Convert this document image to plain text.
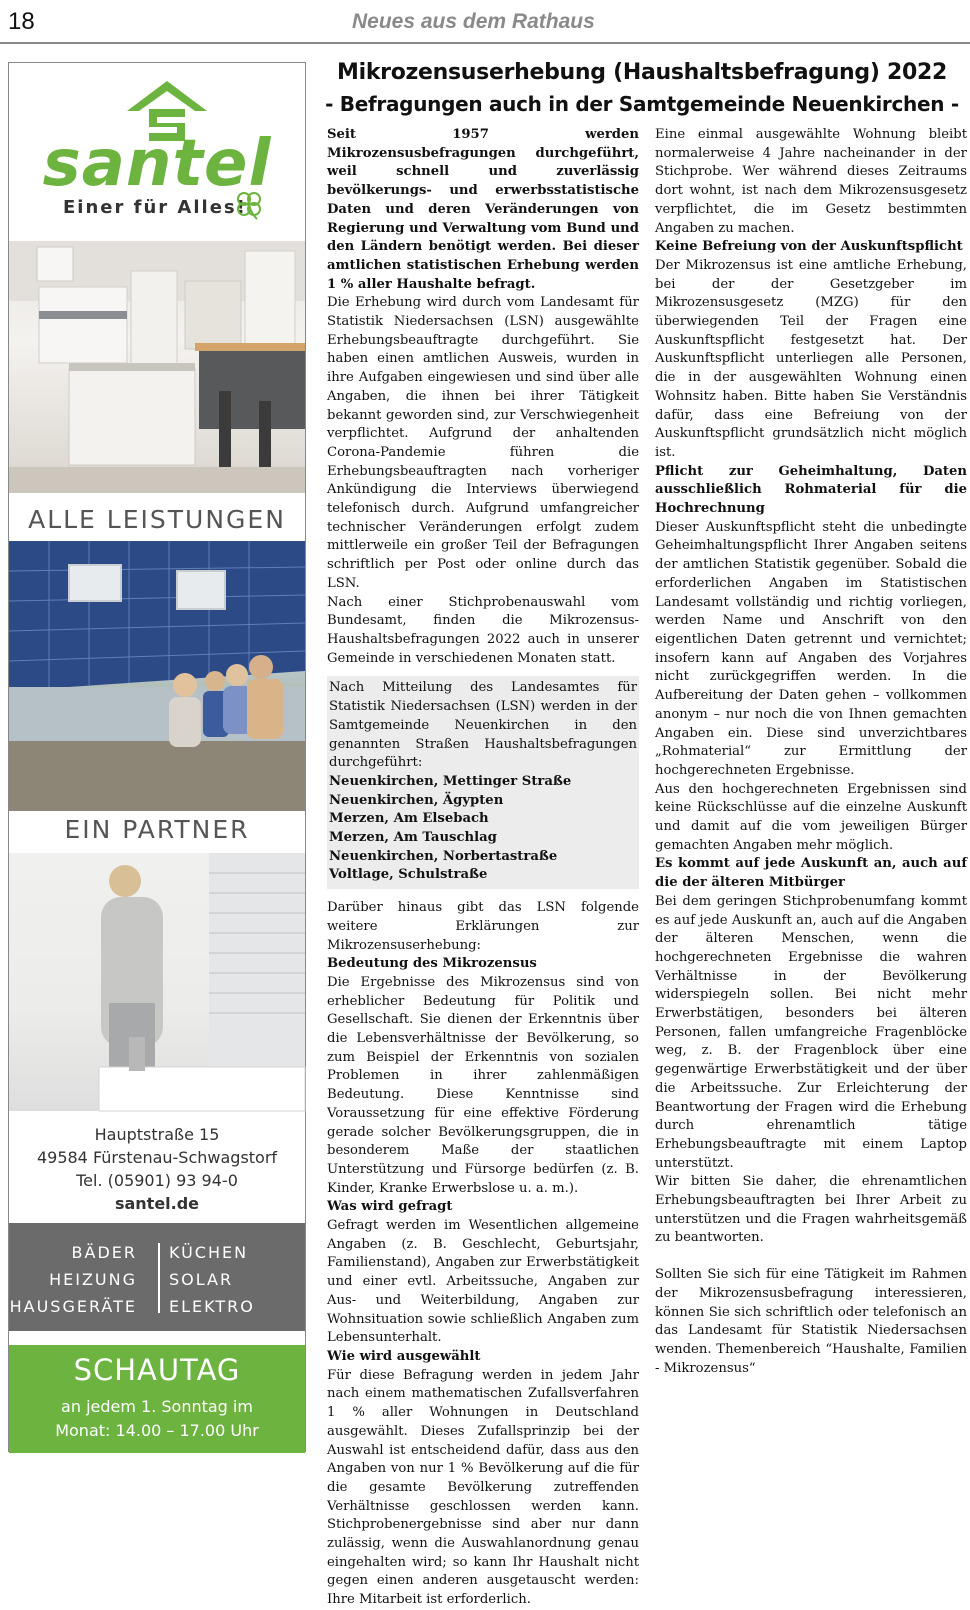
18	Neues aus dem Rathaus
santel
Einer für Alles!
ALLE LEISTUNGEN
EIN PARTNER
Hauptstraße 15
49584 Fürstenau-Schwagstorf
Tel. (05901) 93 94-0
santel.de
BÄDER
HEIZUNG
HAUSGERÄTE
KÜCHEN
SOLAR
ELEKTRO
SCHAUTAG
an jedem 1. Sonntag im
Monat: 14.00 – 17.00 Uhr
Mikrozensuserhebung (Haushaltsbefragung) 2022
- Befragungen auch in der Samtgemeinde Neuenkirchen -

Seit 1957 werden Mikrozensusbefragungen durchgeführt, weil schnell und zuverlässig bevölkerungs- und erwerbsstatistische Daten und deren Veränderungen von Regierung und Verwaltung vom Bund und den Ländern benötigt werden. Bei dieser amtlichen statistischen Erhebung werden 1 % aller Haushalte befragt.

Die Erhebung wird durch vom Landesamt für Statistik Niedersachsen (LSN) ausgewählte Erhebungsbeauftragte durchgeführt. Sie haben einen amtlichen Ausweis, wurden in ihre Aufgaben eingewiesen und sind über alle Angaben, die ihnen bei ihrer Tätigkeit bekannt geworden sind, zur Verschwiegenheit verpflichtet. Aufgrund der anhaltenden Corona-Pandemie führen die Erhebungsbeauftragten nach vorheriger Ankündigung die Interviews überwiegend telefonisch durch. Aufgrund umfangreicher technischer Veränderungen erfolgt zudem mittlerweile ein großer Teil der Befragungen schriftlich per Post oder online durch das LSN.

Nach einer Stichprobenauswahl vom Bundesamt, finden die Mikrozensus-Haushaltsbefragungen 2022 auch in unserer Gemeinde in verschiedenen Monaten statt.

Nach Mitteilung des Landesamtes für Statistik Niedersachsen (LSN) werden in der Samtgemeinde Neuenkirchen in den genannten Straßen Haushaltsbefragungen durchgeführt:

Neuenkirchen, Mettinger Straße
Neuenkirchen, Ägypten
Merzen, Am Elsebach
Merzen, Am Tauschlag
Neuenkirchen, Norbertastraße
Voltlage, Schulstraße

Darüber hinaus gibt das LSN folgende weitere Erklärungen zur Mikrozensuserhebung:

Bedeutung des Mikrozensus

Die Ergebnisse des Mikrozensus sind von erheblicher Bedeutung für Politik und Gesellschaft. Sie dienen der Erkenntnis über die Lebensverhältnisse der Bevölkerung, so zum Beispiel der Erkenntnis von sozialen Problemen in ihrer zahlenmäßigen Bedeutung. Diese Kenntnisse sind Voraussetzung für eine effektive Förderung gerade solcher Bevölkerungsgruppen, die in besonderem Maße der staatlichen Unterstützung und Fürsorge bedürfen (z. B. Kinder, Kranke Erwerbslose u. a. m.).

Was wird gefragt

Gefragt werden im Wesentlichen allgemeine Angaben (z. B. Geschlecht, Geburtsjahr, Familienstand), Angaben zur Erwerbstätigkeit und einer evtl. Arbeitssuche, Angaben zur Aus- und Weiterbildung, Angaben zur Wohnsituation sowie schließlich Angaben zum Lebensunterhalt.

Wie wird ausgewählt

Für diese Befragung werden in jedem Jahr nach einem mathematischen Zufallsverfahren 1 % aller Wohnungen in Deutschland ausgewählt. Dieses Zufallsprinzip bei der Auswahl ist entscheidend dafür, dass aus den Angaben von nur 1 % Bevölkerung auf die für die gesamte Bevölkerung zutreffenden Verhältnisse geschlossen werden kann. Stichprobenergebnisse sind aber nur dann zulässig, wenn die Auswahlanordnung genau eingehalten wird; so kann Ihr Haushalt nicht gegen einen anderen ausgetauscht werden: Ihre Mitarbeit ist erforderlich.

Eine einmal ausgewählte Wohnung bleibt normalerweise 4 Jahre nacheinander in der Stichprobe. Wer während dieses Zeitraums dort wohnt, ist nach dem Mikrozensusgesetz verpflichtet, die im Gesetz bestimmten Angaben zu machen.

Keine Befreiung von der Auskunftspflicht

Der Mikrozensus ist eine amtliche Erhebung, bei der der Gesetzgeber im Mikrozensusgesetz (MZG) für den überwiegenden Teil der Fragen eine Auskunftspflicht festgesetzt hat. Der Auskunftspflicht unterliegen alle Personen, die in der ausgewählten Wohnung einen Wohnsitz haben. Bitte haben Sie Verständnis dafür, dass eine Befreiung von der Auskunftspflicht grundsätzlich nicht möglich ist.

Pflicht zur Geheimhaltung, Daten ausschließlich Rohmaterial für die Hochrechnung

Dieser Auskunftspflicht steht die unbedingte Geheimhaltungspflicht Ihrer Angaben seitens der amtlichen Statistik gegenüber. Sobald die erforderlichen Angaben im Statistischen Landesamt vollständig und richtig vorliegen, werden Name und Anschrift von den eigentlichen Daten getrennt und vernichtet; insofern kann auf Angaben des Vorjahres nicht zurückgegriffen werden. In die Aufbereitung der Daten gehen – vollkommen anonym – nur noch die von Ihnen gemachten Angaben ein. Diese sind unverzichtbares „Rohmaterial“ zur Ermittlung der hochgerechneten Ergebnisse.

Aus den hochgerechneten Ergebnissen sind keine Rückschlüsse auf die einzelne Auskunft und damit auf die vom jeweiligen Bürger gemachten Angaben mehr möglich.

Es kommt auf jede Auskunft an, auch auf die der älteren Mitbürger

Bei dem geringen Stichprobenumfang kommt es auf jede Auskunft an, auch auf die Angaben der älteren Menschen, wenn die hochgerechneten Ergebnisse die wahren Verhältnisse in der Bevölkerung widerspiegeln sollen. Bei nicht mehr Erwerbstätigen, besonders bei älteren Personen, fallen umfangreiche Fragenblöcke weg, z. B. der Fragenblock über eine gegenwärtige Erwerbstätigkeit und der über die Arbeitssuche. Zur Erleichterung der Beantwortung der Fragen wird die Erhebung durch ehrenamtlich tätige Erhebungsbeauftragte mit einem Laptop unterstützt.

Wir bitten Sie daher, die ehrenamtlichen Erhebungsbeauftragten bei Ihrer Arbeit zu unterstützen und die Fragen wahrheitsgemäß zu beantworten.

Sollten Sie sich für eine Tätigkeit im Rahmen der Mikrozensusbefragung interessieren, können Sie sich schriftlich oder telefonisch an das Landesamt für Statistik Niedersachsen wenden. Themenbereich “Haushalte, Familien - Mikrozensus“
